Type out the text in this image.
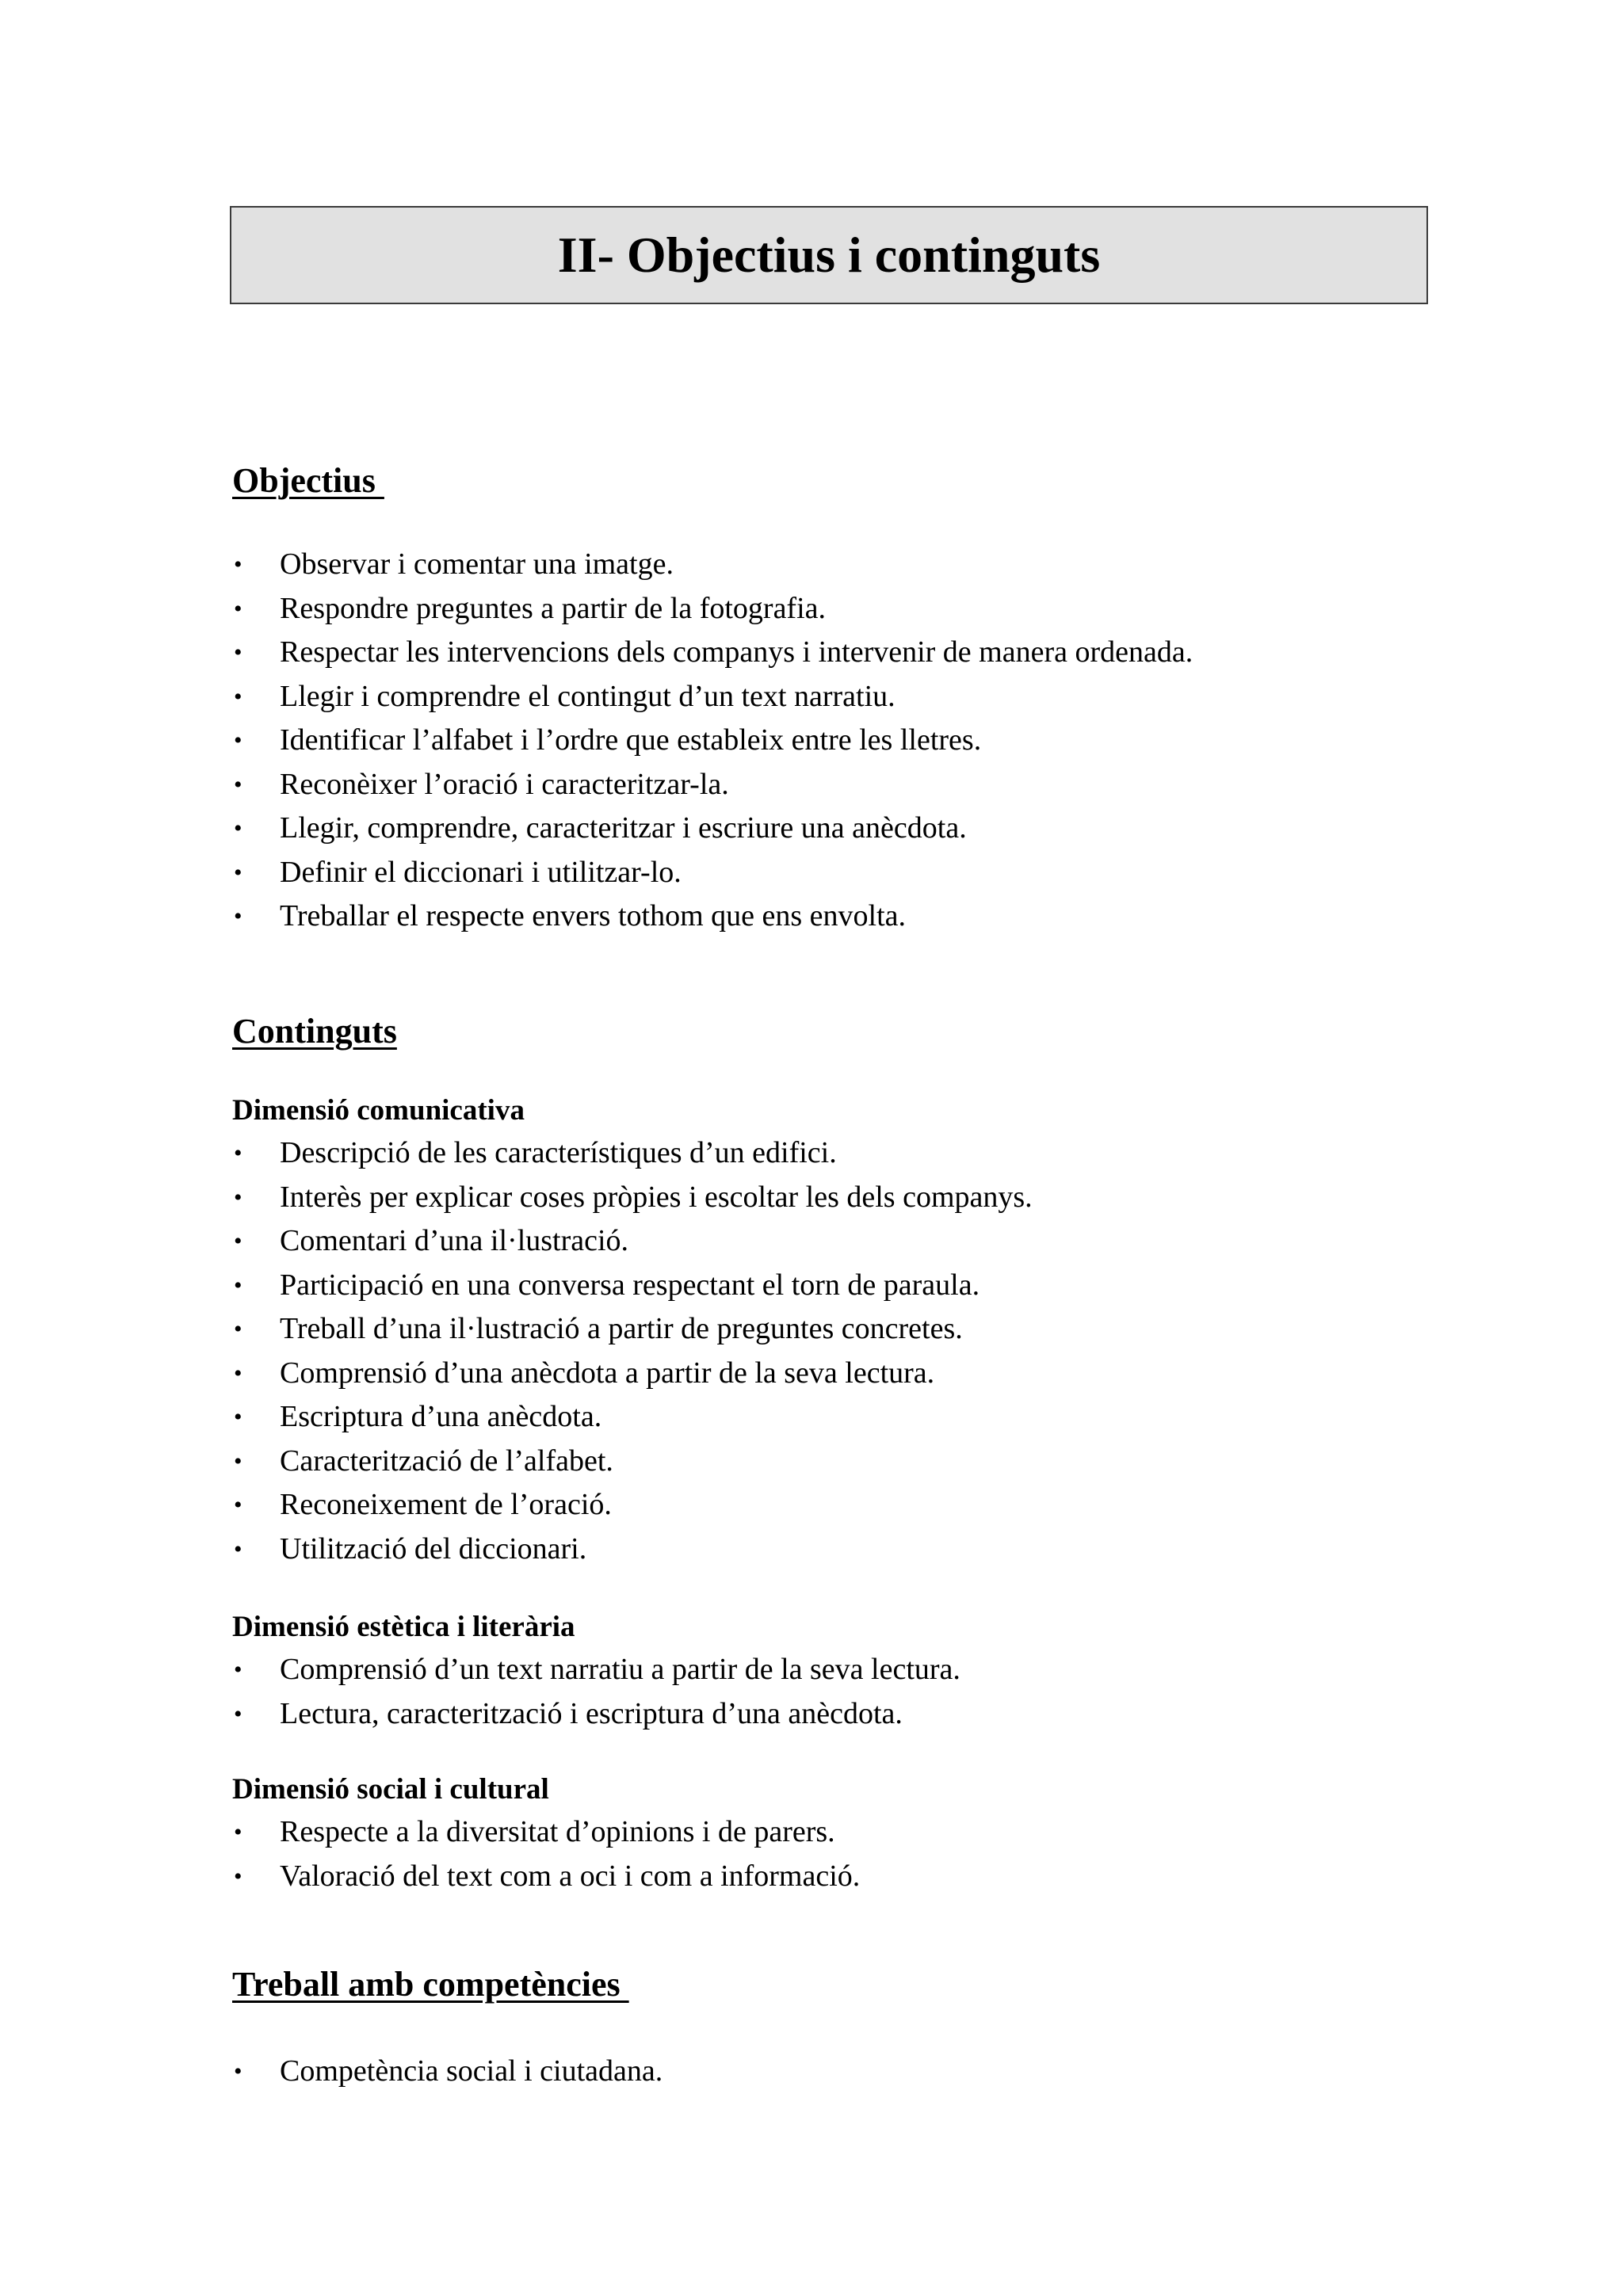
II- Objectius i continguts
Objectius
• Observar i comentar una imatge.
• Respondre preguntes a partir de la fotografia.
• Respectar les intervencions dels companys i intervenir de manera ordenada.
• Llegir i comprendre el contingut d’un text narratiu.
• Identificar l’alfabet i l’ordre que estableix entre les lletres.
• Reconèixer l’oració i caracteritzar-la.
• Llegir, comprendre, caracteritzar i escriure una anècdota.
• Definir el diccionari i utilitzar-lo.
• Treballar el respecte envers tothom que ens envolta.
Continguts
Dimensió comunicativa
• Descripció de les característiques d’un edifici.
• Interès per explicar coses pròpies i escoltar les dels companys.
• Comentari d’una il·lustració.
• Participació en una conversa respectant el torn de paraula.
• Treball d’una il·lustració a partir de preguntes concretes.
• Comprensió d’una anècdota a partir de la seva lectura.
• Escriptura d’una anècdota.
• Caracterització de l’alfabet.
• Reconeixement de l’oració.
• Utilització del diccionari.
Dimensió estètica i literària
• Comprensió d’un text narratiu a partir de la seva lectura.
• Lectura, caracterització i escriptura d’una anècdota.
Dimensió social i cultural
• Respecte a la diversitat d’opinions i de parers.
• Valoració del text com a oci i com a informació.
Treball amb competències
• Competència social i ciutadana.
